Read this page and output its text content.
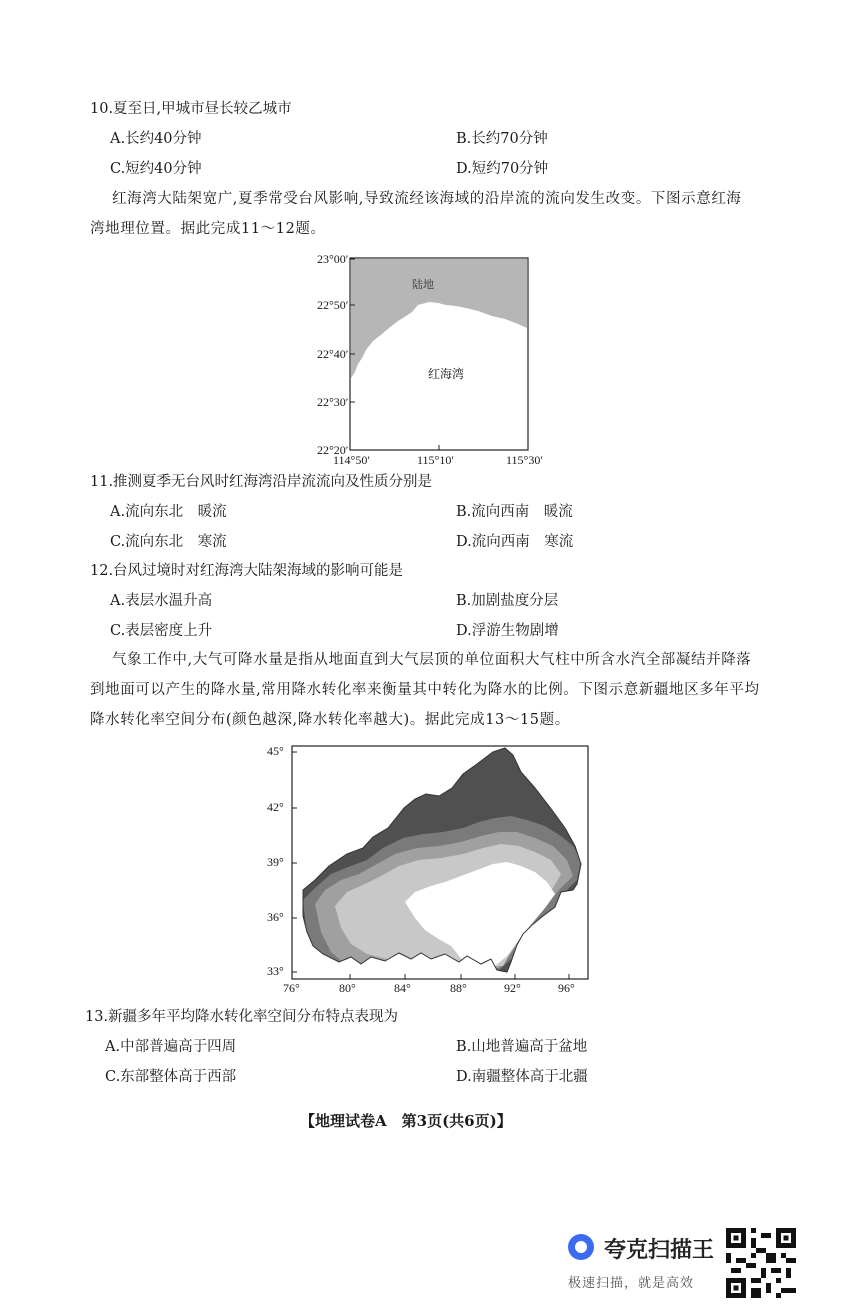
10.夏至日,甲城市昼长较乙城市
A.长约40分钟	B.长约70分钟
C.短约40分钟	D.短约70分钟
红海湾大陆架宽广,夏季常受台风影响,导致流经该海域的沿岸流的流向发生改变。下图示意红海
湾地理位置。据此完成11～12题。
23°00′
22°50′
22°40′
22°30′
22°20′
114°50′	115°10′	115°30′
陆地
红海湾
11.推测夏季无台风时红海湾沿岸流流向及性质分别是
A.流向东北　暖流	B.流向西南　暖流
C.流向东北　寒流	D.流向西南　寒流
12.台风过境时对红海湾大陆架海域的影响可能是
A.表层水温升高	B.加剧盐度分层
C.表层密度上升	D.浮游生物剧增
气象工作中,大气可降水量是指从地面直到大气层顶的单位面积大气柱中所含水汽全部凝结并降落
到地面可以产生的降水量,常用降水转化率来衡量其中转化为降水的比例。下图示意新疆地区多年平均
降水转化率空间分布(颜色越深,降水转化率越大)。据此完成13～15题。
45°
42°
39°
36°
33°
76°	80°	84°	88°	92°	96°
13.新疆多年平均降水转化率空间分布特点表现为
A.中部普遍高于四周	B.山地普遍高于盆地
C.东部整体高于西部	D.南疆整体高于北疆
【地理试卷A　第3页(共6页)】
夸克扫描王
极速扫描，就是高效
